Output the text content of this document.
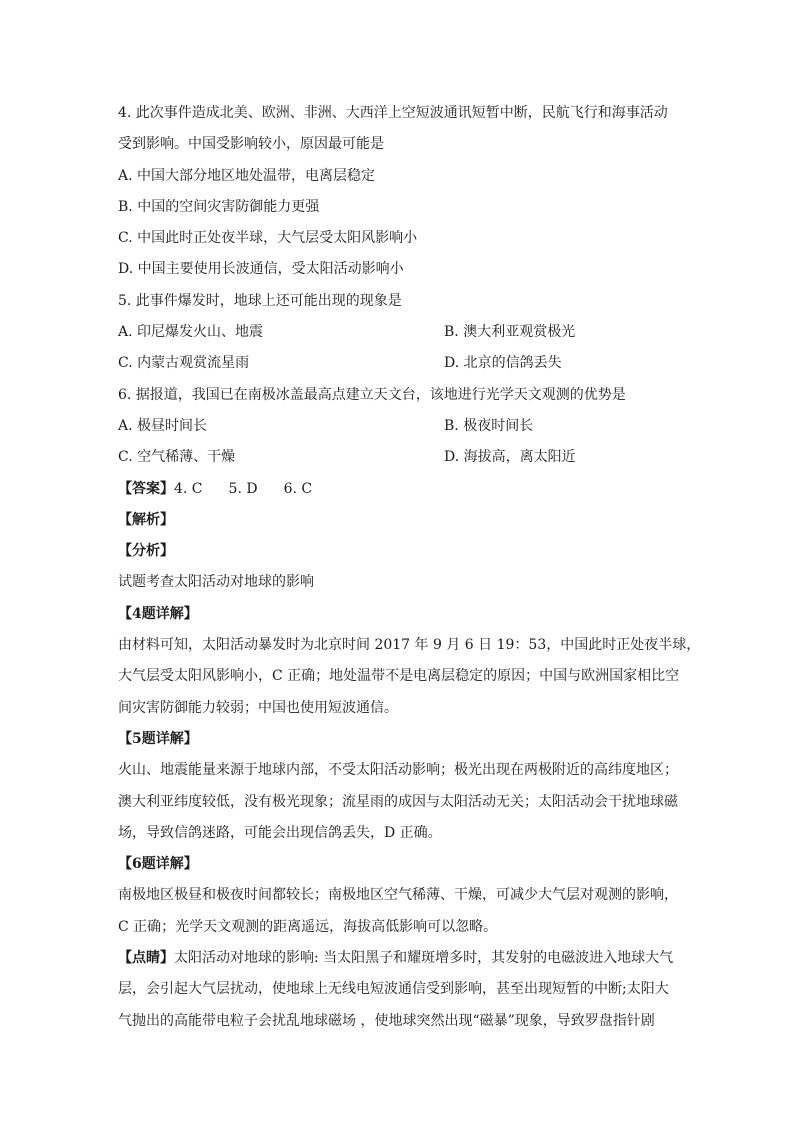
4. 此次事件造成北美、欧洲、非洲、大西洋上空短波通讯短暂中断，民航飞行和海事活动
受到影响。中国受影响较小，原因最可能是
A. 中国大部分地区地处温带，电离层稳定
B. 中国的空间灾害防御能力更强
C. 中国此时正处夜半球，大气层受太阳风影响小
D. 中国主要使用长波通信，受太阳活动影响小
5. 此事件爆发时，地球上还可能出现的现象是
A. 印尼爆发火山、地震	B. 澳大利亚观赏极光
C. 内蒙古观赏流星雨	D. 北京的信鸽丢失
6. 据报道，我国已在南极冰盖最高点建立天文台，该地进行光学天文观测的优势是
A. 极昼时间长	B. 极夜时间长
C. 空气稀薄、干燥	D. 海拔高，离太阳近
【答案】4. C 5. D 6. C
【解析】
【分析】
试题考查太阳活动对地球的影响
【4题详解】
由材料可知，太阳活动暴发时为北京时间 2017 年 9 月 6 日 19：53，中国此时正处夜半球，
大气层受太阳风影响小，C 正确；地处温带不是电离层稳定的原因；中国与欧洲国家相比空
间灾害防御能力较弱；中国也使用短波通信。
【5题详解】
火山、地震能量来源于地球内部，不受太阳活动影响；极光出现在两极附近的高纬度地区；
澳大利亚纬度较低，没有极光现象；流星雨的成因与太阳活动无关；太阳活动会干扰地球磁
场，导致信鸽迷路，可能会出现信鸽丢失，D 正确。
【6题详解】
南极地区极昼和极夜时间都较长；南极地区空气稀薄、干燥，可减少大气层对观测的影响，
C 正确；光学天文观测的距离遥远，海拔高低影响可以忽略。
【点睛】太阳活动对地球的影响: 当太阳黑子和耀斑增多时，其发射的电磁波进入地球大气
层，会引起大气层扰动，使地球上无线电短波通信受到影响，甚至出现短暂的中断;太阳大
气抛出的高能带电粒子会扰乱地球磁场 ，使地球突然出现“磁暴”现象，导致罗盘指针剧
